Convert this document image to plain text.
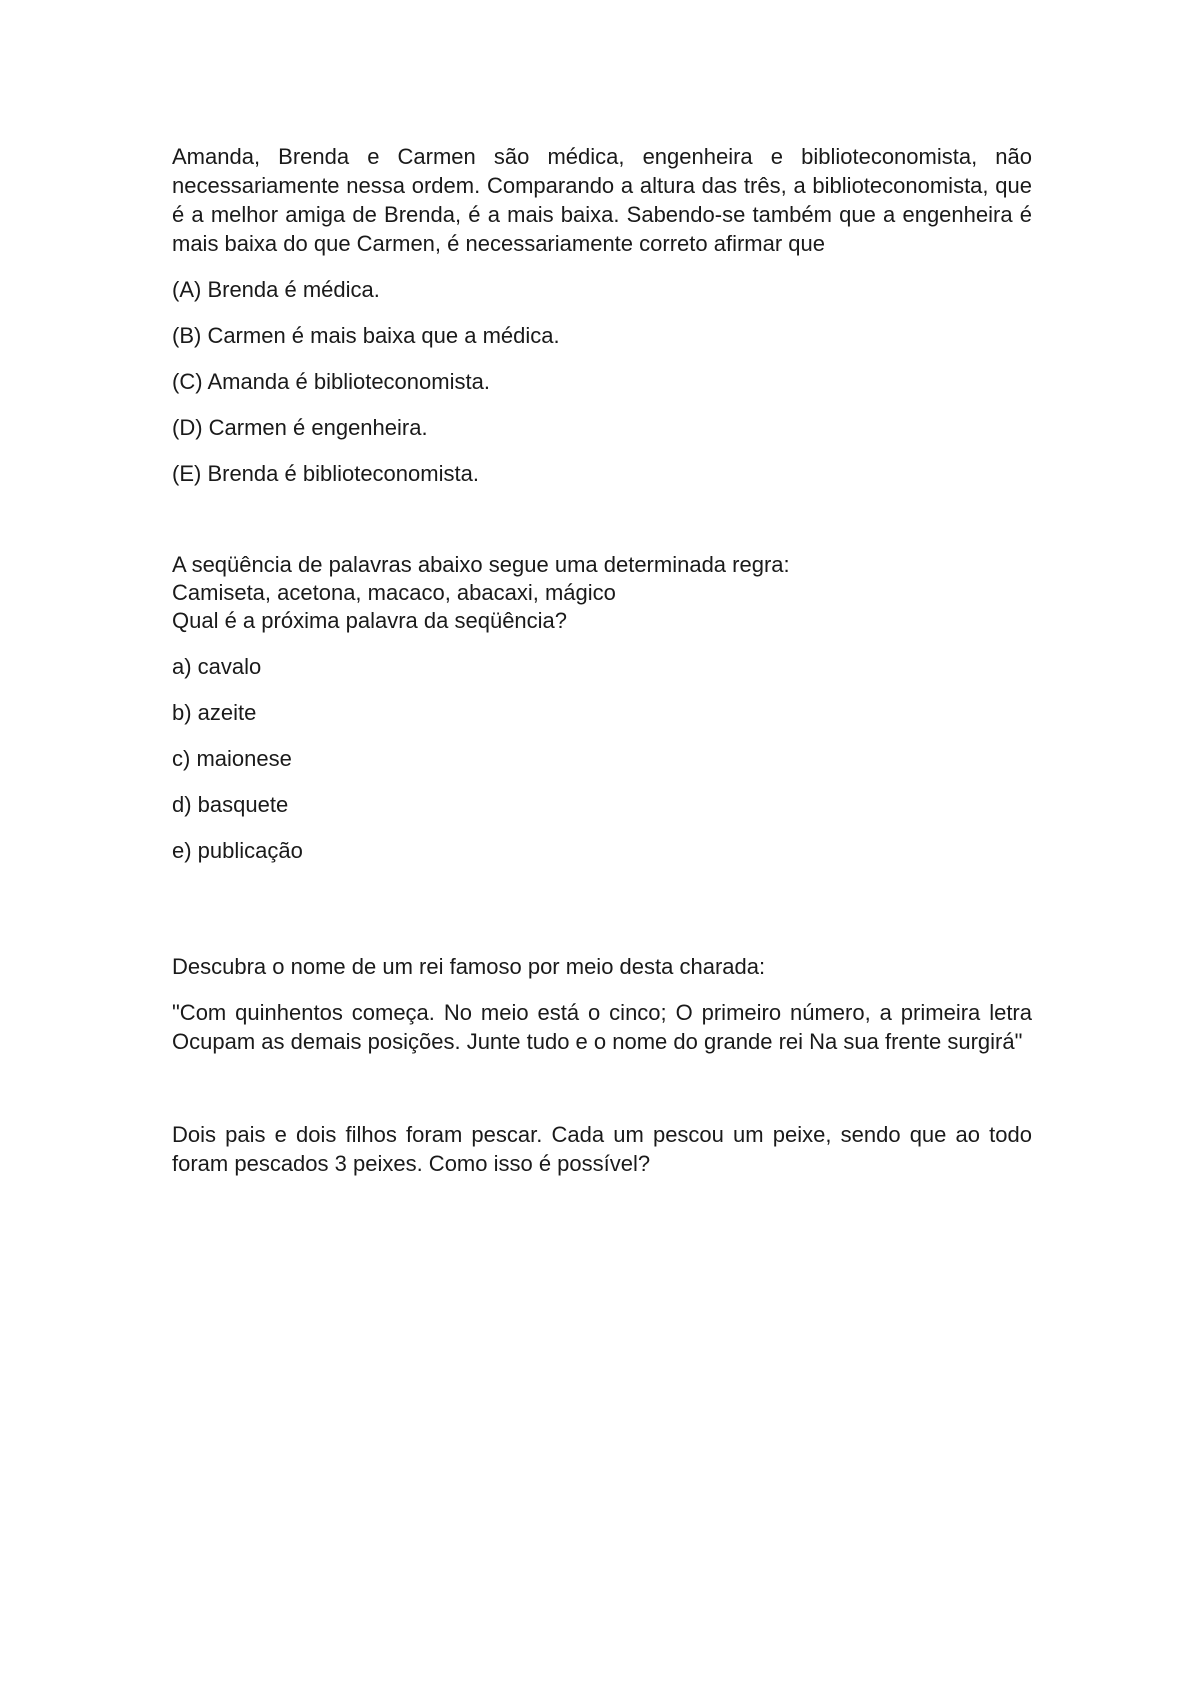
Amanda, Brenda e Carmen são médica, engenheira e biblioteconomista, não necessariamente nessa ordem. Comparando a altura das três, a biblioteconomista, que é a melhor amiga de Brenda, é a mais baixa. Sabendo-se também que a engenheira é mais baixa do que Carmen, é necessariamente correto afirmar que

(A) Brenda é médica.
(B) Carmen é mais baixa que a médica.
(C) Amanda é biblioteconomista.
(D) Carmen é engenheira.
(E) Brenda é biblioteconomista.

A seqüência de palavras abaixo segue uma determinada regra:

Camiseta, acetona, macaco, abacaxi, mágico

Qual é a próxima palavra da seqüência?

a) cavalo
b) azeite
c) maionese
d) basquete
e) publicação

Descubra o nome de um rei famoso por meio desta charada:

"Com quinhentos começa. No meio está o cinco; O primeiro número, a primeira letra Ocupam as demais posições. Junte tudo e o nome do grande rei Na sua frente surgirá"

Dois pais e dois filhos foram pescar. Cada um pescou um peixe, sendo que ao todo foram pescados 3 peixes. Como isso é possível?
